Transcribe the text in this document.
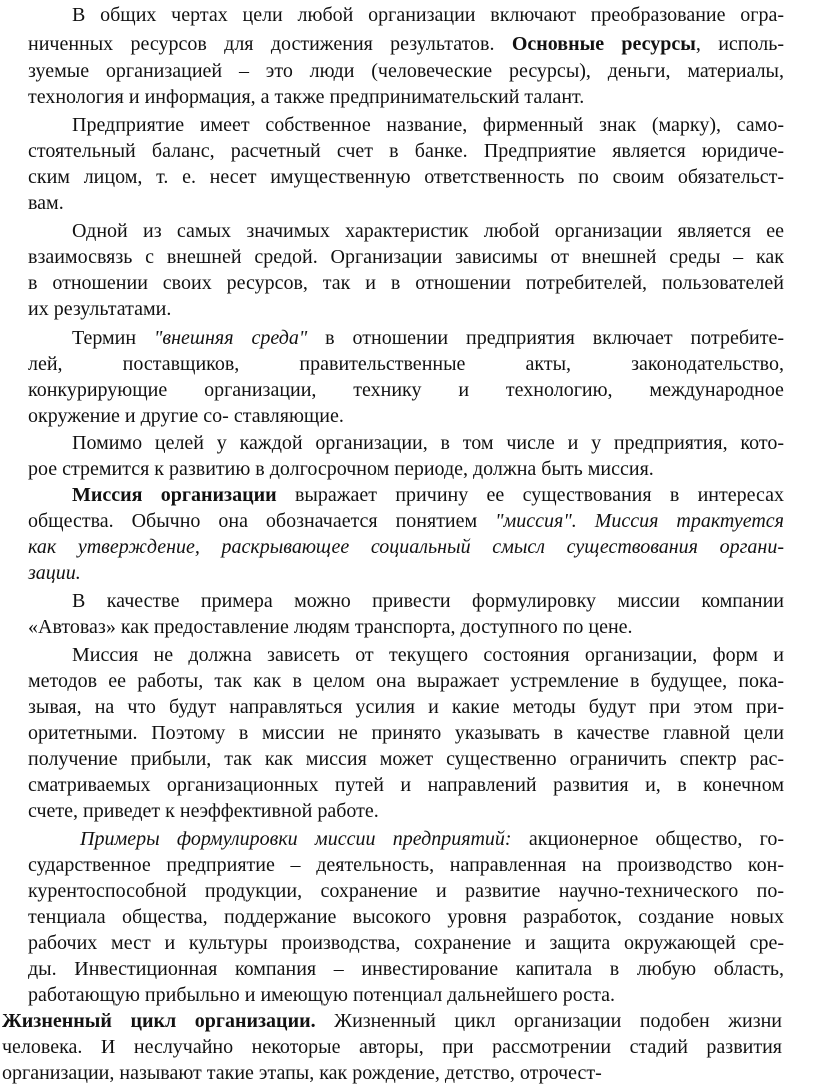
В общих чертах цели любой организации включают преобразование огра-
ниченных ресурсов для достижения результатов. Основные ресурсы, исполь-
зуемые организацией – это люди (человеческие ресурсы), деньги, материалы,
технология и информация, а также предпринимательский талант.
Предприятие имеет собственное название, фирменный знак (марку), само-
стоятельный баланс, расчетный счет в банке. Предприятие является юридиче-
ским лицом, т. е. несет имущественную ответственность по своим обязательст-
вам.
Одной из самых значимых характеристик любой организации является ее
взаимосвязь с внешней средой. Организации зависимы от внешней среды – как
в отношении своих ресурсов, так и в отношении потребителей, пользователей
их результатами.
Термин "внешняя среда" в отношении предприятия включает потребите-
лей,	поставщиков,	правительственные	акты,	законодательство,
конкурирующие организации, технику и технологию, международное
окружение и другие со- ставляющие.
Помимо целей у каждой организации, в том числе и у предприятия, кото-
рое стремится к развитию в долгосрочном периоде, должна быть миссия.
Миссия организации выражает причину ее существования в интересах
общества. Обычно она обозначается понятием "миссия". Миссия трактуется
как утверждение, раскрывающее социальный смысл существования органи-
зации.
В качестве примера можно привести формулировку миссии компании
«Автоваз» как предоставление людям транспорта, доступного по цене.
Миссия не должна зависеть от текущего состояния организации, форм и
методов ее работы, так как в целом она выражает устремление в будущее, пока-
зывая, на что будут направляться усилия и какие методы будут при этом при-
оритетными. Поэтому в миссии не принято указывать в качестве главной цели
получение прибыли, так как миссия может существенно ограничить спектр рас-
сматриваемых организационных путей и направлений развития и, в конечном
счете, приведет к неэффективной работе.
Примеры формулировки миссии предприятий: акционерное общество, го-
сударственное предприятие – деятельность, направленная на производство кон-
курентоспособной продукции, сохранение и развитие научно-технического по-
тенциала общества, поддержание высокого уровня разработок, создание новых
рабочих мест и культуры производства, сохранение и защита окружающей сре-
ды. Инвестиционная компания – инвестирование капитала в любую область,
работающую прибыльно и имеющую потенциал дальнейшего роста.
Жизненный цикл организации. Жизненный цикл организации подобен жизни
человека. И неслучайно некоторые авторы, при рассмотрении стадий развития
организации, называют такие этапы, как рождение, детство, отрочест-
